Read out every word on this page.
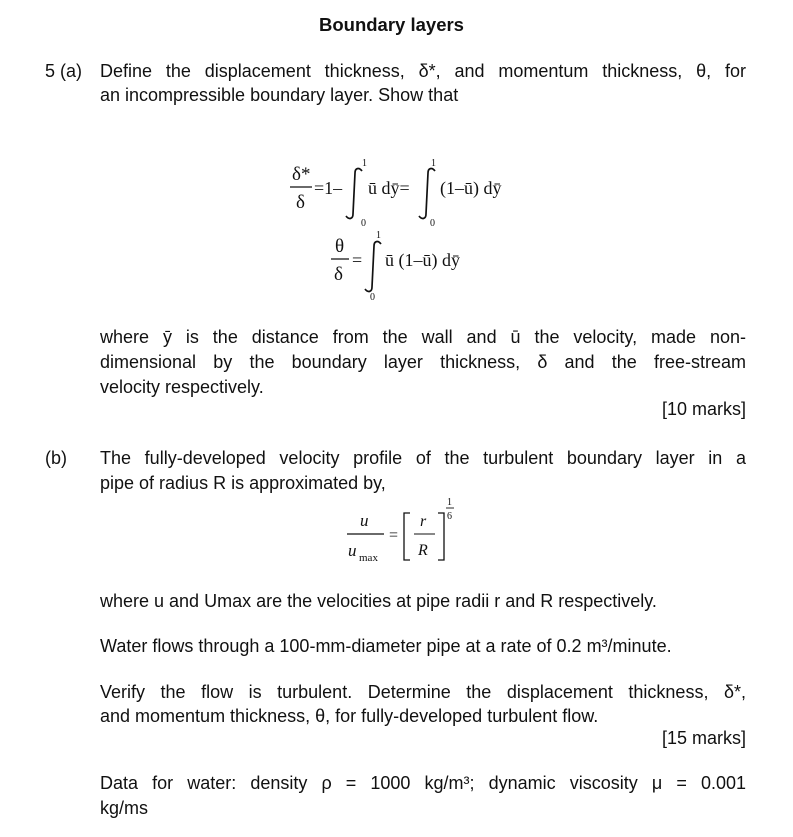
Boundary layers
5 (a) Define the displacement thickness, δ*, and momentum thickness, θ, for
an incompressible boundary layer. Show that
δ*
δ
=1–
1
0
ū dȳ=
1
0
(1–ū) dȳ
θ
δ
=
1
0
ū (1–ū) dȳ
where ȳ is the distance from the wall and ū the velocity, made non-
dimensional by the boundary layer thickness, δ and the free-stream
velocity respectively.
[10 marks]
(b) The fully-developed velocity profile of the turbulent boundary layer in a
pipe of radius R is approximated by,
u
u max
=
r
R
1
6
where u and Umax are the velocities at pipe radii r and R respectively.
Water flows through a 100-mm-diameter pipe at a rate of 0.2 m³/minute.
Verify the flow is turbulent. Determine the displacement thickness, δ*,
and momentum thickness, θ, for fully-developed turbulent flow.
[15 marks]
Data for water: density ρ = 1000 kg/m³; dynamic viscosity μ = 0.001
kg/ms
